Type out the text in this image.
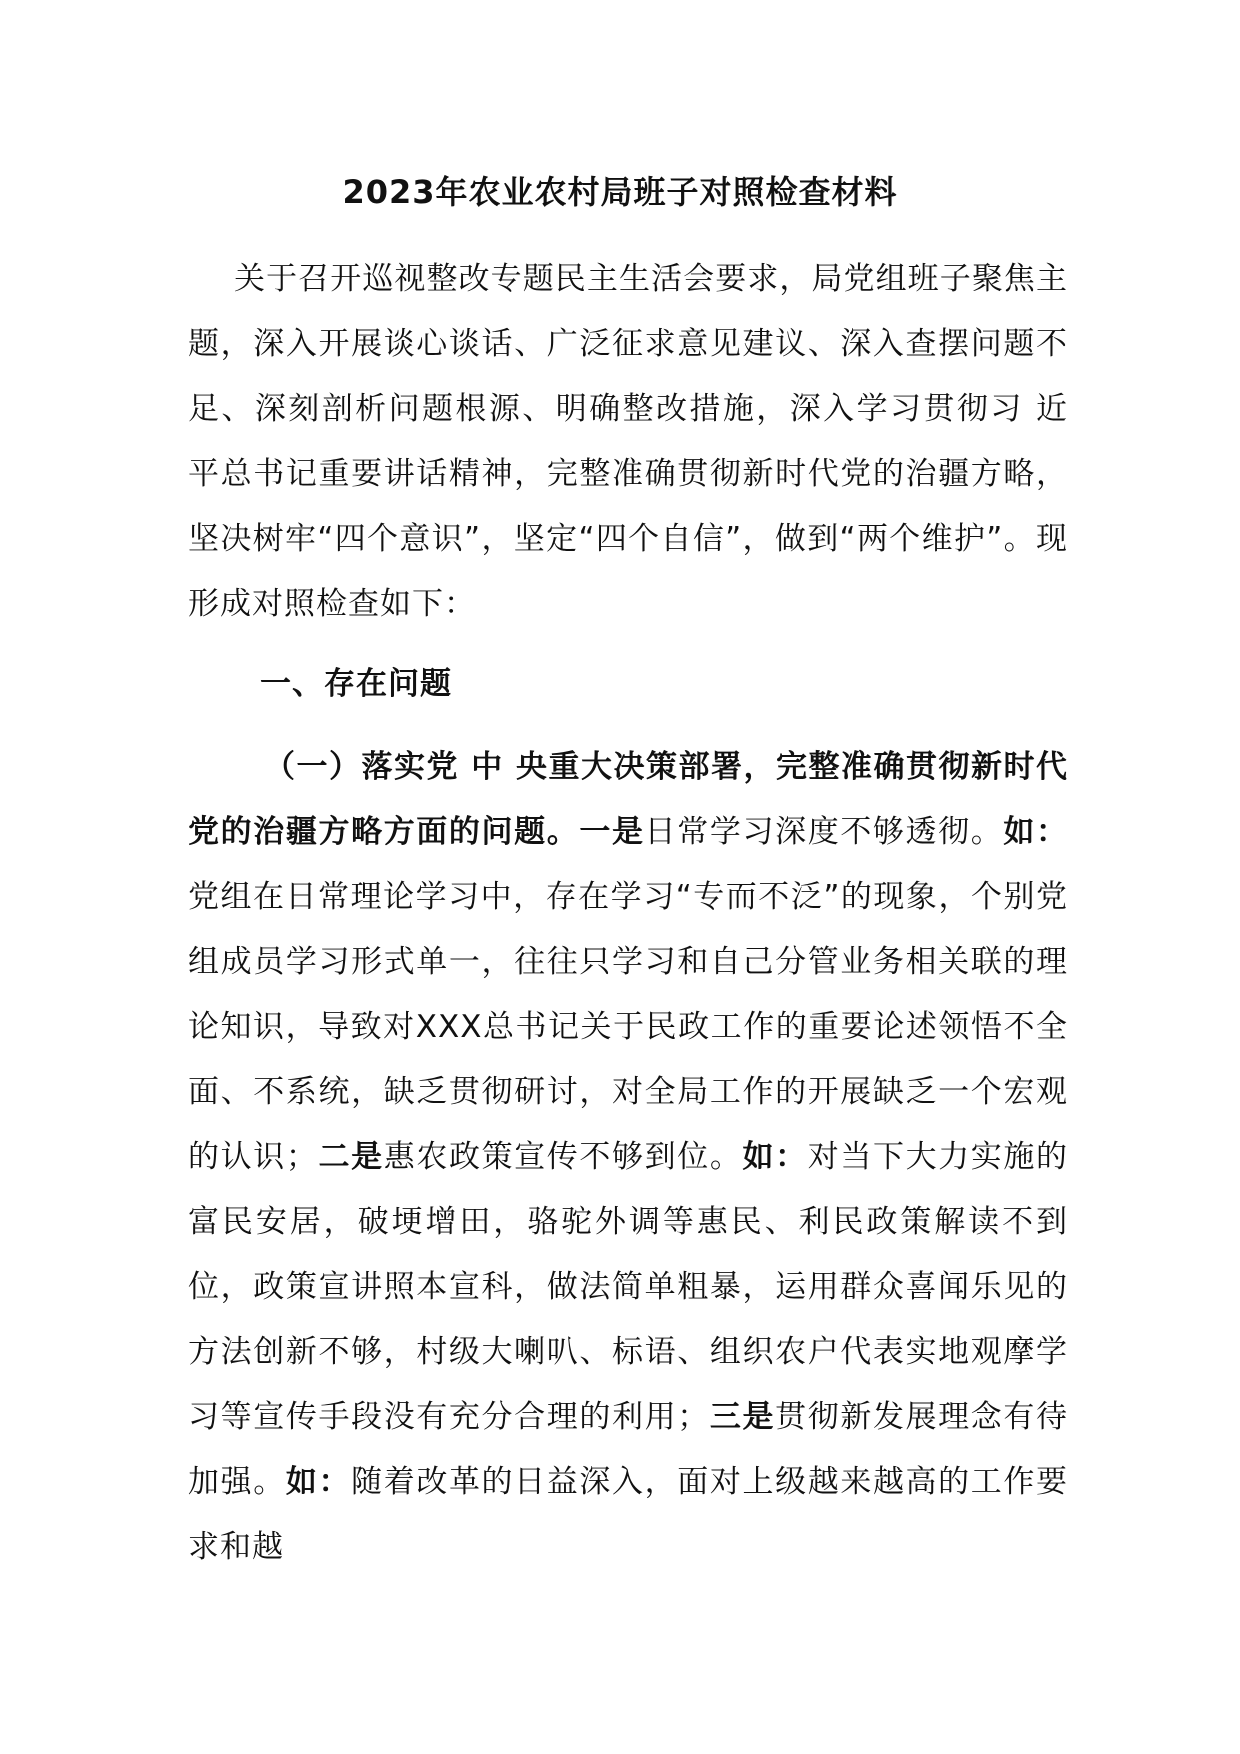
2023年农业农村局班子对照检查材料
关于召开巡视整改专题民主生活会要求，局党组班子聚焦主题，深入开展谈心谈话、广泛征求意见建议、深入查摆问题不足、深刻剖析问题根源、明确整改措施，深入学习贯彻习 近 平总书记重要讲话精神，完整准确贯彻新时代党的治疆方略，坚决树牢“四个意识”，坚定“四个自信”，做到“两个维护”。现形成对照检查如下：
一、存在问题
（一）落实党 中 央重大决策部署，完整准确贯彻新时代党的治疆方略方面的问题。一是日常学习深度不够透彻。如：党组在日常理论学习中，存在学习“专而不泛”的现象，个别党组成员学习形式单一，往往只学习和自己分管业务相关联的理论知识，导致对XXX总书记关于民政工作的重要论述领悟不全面、不系统，缺乏贯彻研讨，对全局工作的开展缺乏一个宏观的认识；二是惠农政策宣传不够到位。如：对当下大力实施的富民安居，破埂增田，骆驼外调等惠民、利民政策解读不到位，政策宣讲照本宣科，做法简单粗暴，运用群众喜闻乐见的方法创新不够，村级大喇叭、标语、组织农户代表实地观摩学习等宣传手段没有充分合理的利用；三是贯彻新发展理念有待加强。如：随着改革的日益深入，面对上级越来越高的工作要求和越
